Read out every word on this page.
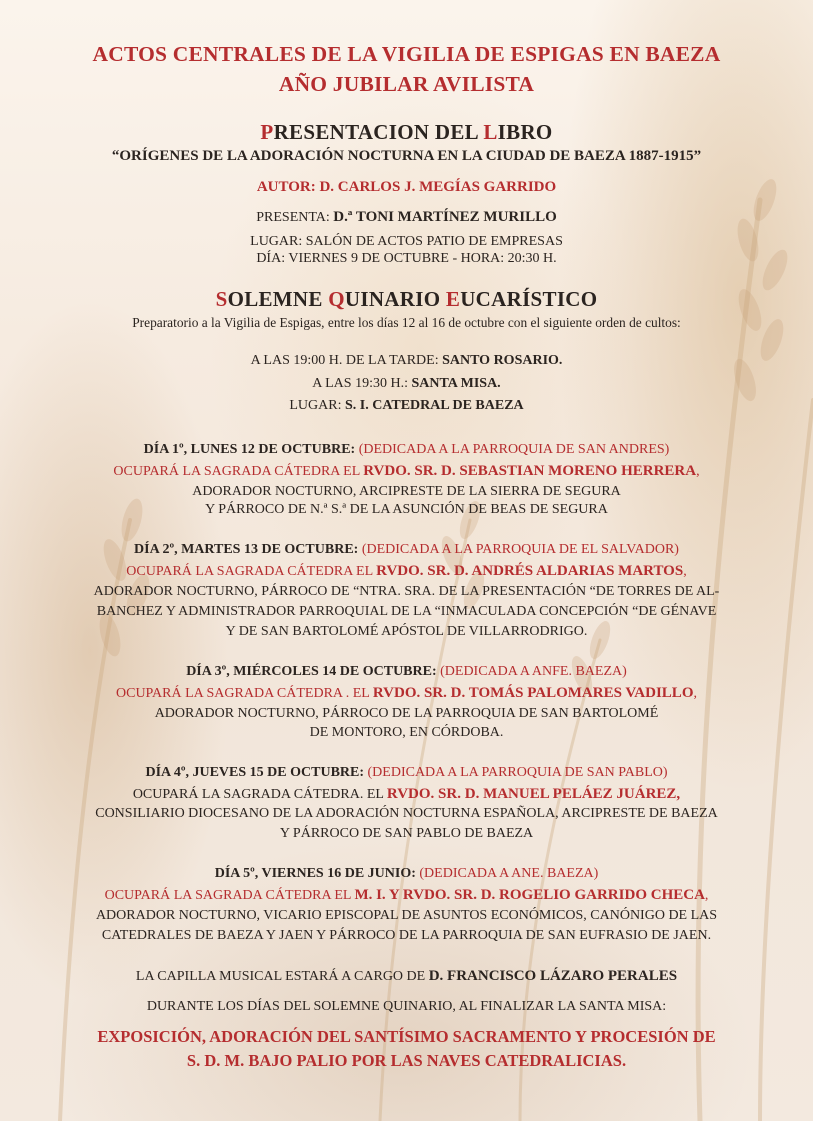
ACTOS CENTRALES DE LA VIGILIA DE ESPIGAS EN BAEZA
AÑO JUBILAR AVILISTA
PRESENTACION DEL LIBRO
“ORÍGENES DE LA ADORACIÓN NOCTURNA EN LA CIUDAD DE BAEZA 1887-1915”
AUTOR: D. CARLOS J. MEGÍAS GARRIDO
PRESENTA: D.ª TONI MARTÍNEZ MURILLO
LUGAR: SALÓN DE ACTOS PATIO DE EMPRESAS
DÍA: VIERNES 9 DE OCTUBRE - HORA: 20:30 H.
SOLEMNE QUINARIO EUCARÍSTICO
Preparatorio a la Vigilia de Espigas, entre los días 12 al 16 de octubre con el siguiente orden de cultos:
A LAS 19:00 H. DE LA TARDE: SANTO ROSARIO.
A LAS 19:30 H.: SANTA MISA.
LUGAR: S. I. CATEDRAL DE BAEZA
DÍA 1º, LUNES 12 DE OCTUBRE: (DEDICADA A LA PARROQUIA DE SAN ANDRES)
OCUPARÁ LA SAGRADA CÁTEDRA EL RVDO. SR. D. SEBASTIAN MORENO HERRERA,
ADORADOR NOCTURNO, ARCIPRESTE DE LA SIERRA DE SEGURA
Y PÁRROCO DE N.ª S.ª DE LA ASUNCIÓN DE BEAS DE SEGURA
DÍA 2º, MARTES 13 DE OCTUBRE: (DEDICADA A LA PARROQUIA DE EL SALVADOR)
OCUPARÁ LA SAGRADA CÁTEDRA EL RVDO. SR. D. ANDRÉS ALDARIAS MARTOS,
ADORADOR NOCTURNO, PÁRROCO DE “NTRA. SRA. DE LA PRESENTACIÓN “DE TORRES DE AL-
BANCHEZ Y ADMINISTRADOR PARROQUIAL DE LA “INMACULADA CONCEPCIÓN “DE GÉNAVE
Y DE SAN BARTOLOMÉ APÓSTOL DE VILLARRODRIGO.
DÍA 3º, MIÉRCOLES 14 DE OCTUBRE: (DEDICADA A ANFE. BAEZA)
OCUPARÁ LA SAGRADA CÁTEDRA . EL RVDO. SR. D. TOMÁS PALOMARES VADILLO,
ADORADOR NOCTURNO, PÁRROCO DE LA PARROQUIA DE SAN BARTOLOMÉ
DE MONTORO, EN CÓRDOBA.
DÍA 4º, JUEVES 15 DE OCTUBRE: (DEDICADA A LA PARROQUIA DE SAN PABLO)
OCUPARÁ LA SAGRADA CÁTEDRA. EL RVDO. SR. D. MANUEL PELÁEZ JUÁREZ,
CONSILIARIO DIOCESANO DE LA ADORACIÓN NOCTURNA ESPAÑOLA, ARCIPRESTE DE BAEZA
Y PÁRROCO DE SAN PABLO DE BAEZA
DÍA 5º, VIERNES 16 DE JUNIO: (DEDICADA A ANE. BAEZA)
OCUPARÁ LA SAGRADA CÁTEDRA EL M. I. Y RVDO. SR. D. ROGELIO GARRIDO CHECA,
ADORADOR NOCTURNO, VICARIO EPISCOPAL DE ASUNTOS ECONÓMICOS, CANÓNIGO DE LAS
CATEDRALES DE BAEZA Y JAEN Y PÁRROCO DE LA PARROQUIA DE SAN EUFRASIO DE JAEN.
LA CAPILLA MUSICAL ESTARÁ A CARGO DE D. FRANCISCO LÁZARO PERALES
DURANTE LOS DÍAS DEL SOLEMNE QUINARIO, AL FINALIZAR LA SANTA MISA:
EXPOSICIÓN, ADORACIÓN DEL SANTÍSIMO SACRAMENTO Y PROCESIÓN DE
S. D. M. BAJO PALIO POR LAS NAVES CATEDRALICIAS.
